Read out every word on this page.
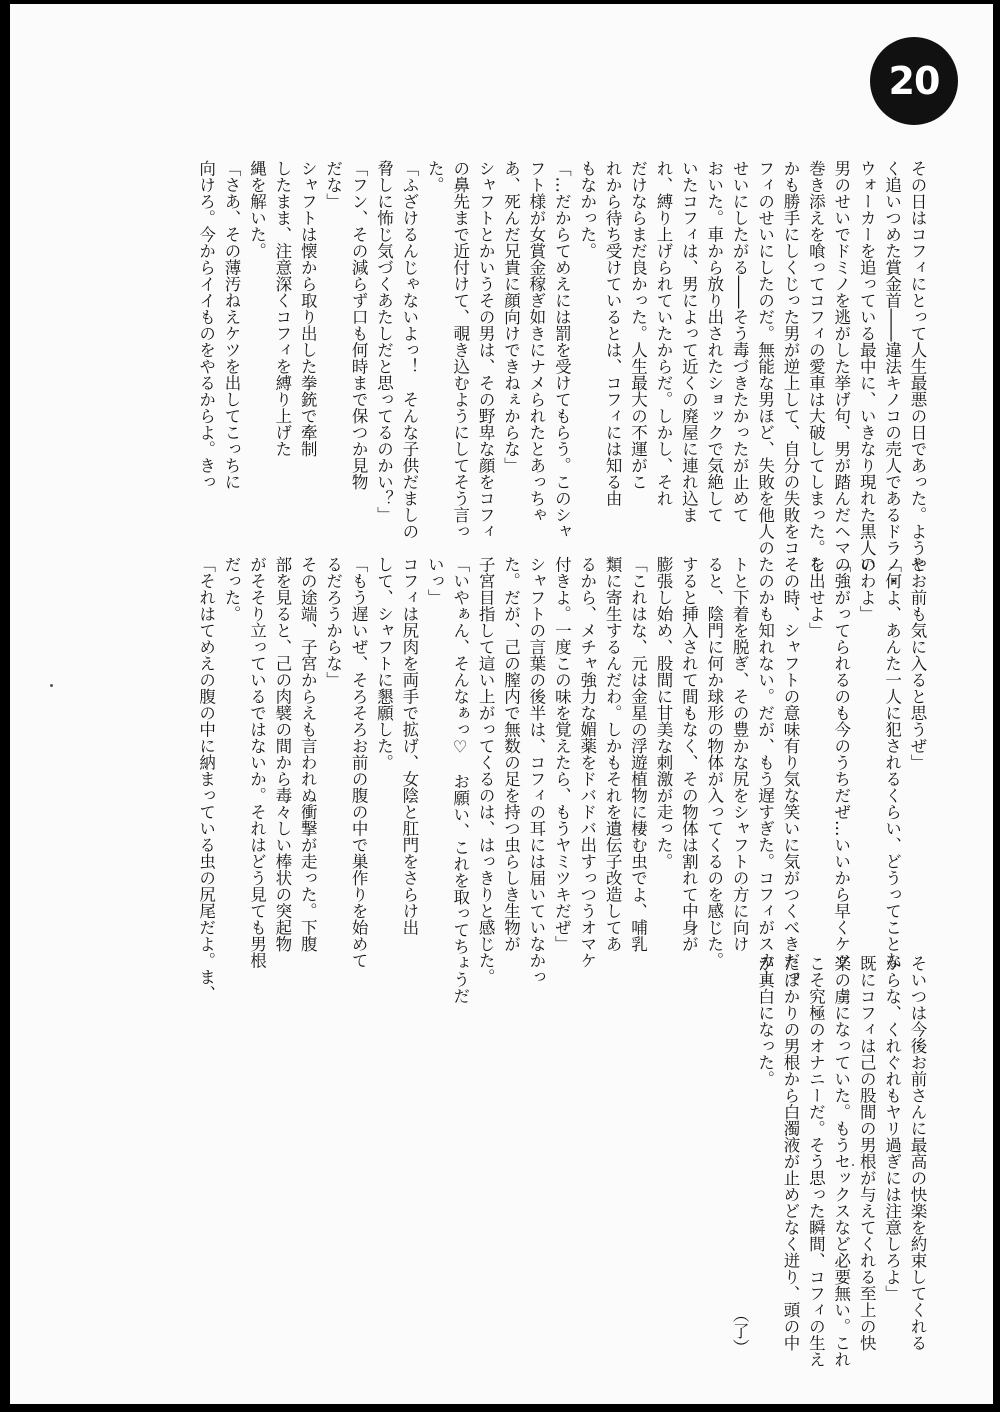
20
その日はコフィにとって人生最悪の日であった。ようや
く追いつめた賞金首――違法キノコの売人であるドラノ・
ウォーカーを追っている最中に、いきなり現れた黒人の
男のせいでドミノを逃がした挙げ句、男が踏んだヘマの
巻き添えを喰ってコフィの愛車は大破してしまった。し
かも勝手にしくじった男が逆上して、自分の失敗をコ
フィのせいにしたのだ。無能な男ほど、失敗を他人の
せいにしたがる――そう毒づきたかったが止めて
おいた。車から放り出されたショックで気絶して
いたコフィは、男によって近くの廃屋に連れ込ま
れ、縛り上げられていたからだ。しかし、それ
だけならまだ良かった。人生最大の不運がこ
れから待ち受けているとは、コフィには知る由
もなかった。
「…だからてめえには罰を受けてもらう。このシャ
フト様が女賞金稼ぎ如きにナメられたとあっちゃ
あ、死んだ兄貴に顔向けできねぇからな」
シャフトとかいうその男は、その野卑な顔をコフィ
の鼻先まで近付けて、覗き込むようにしてそう言っ
た。
「ふざけるんじゃないよっ！　そんな子供だましの
脅しに怖じ気づくあたしだと思ってるのかい？」
「フン、その減らず口も何時まで保つか見物
だな」
シャフトは懐から取り出した拳銃で牽制
したまま、注意深くコフィを縛り上げた
縄を解いた。
「さあ、その薄汚ねえケツを出してこっちに
向けろ。今からイイものをやるからよ。きっ
とお前も気に入ると思うぜ」
「何よ、あんた一人に犯されるくらい、どうってことな
いわよ」
「強がってられるのも今のうちだぜ…いいから早くケツ
を出せよ」
その時、シャフトの意味有り気な笑いに気がつくべきだっ
たのかも知れない。だが、もう遅すぎた。コフィがスカー
トと下着を脱ぎ、その豊かな尻をシャフトの方に向け
ると、陰門に何か球形の物体が入ってくるのを感じた。
すると挿入されて間もなく、その物体は割れて中身が
膨張し始め、股間に甘美な刺激が走った。
「これはな、元は金星の浮遊植物に棲む虫でよ、哺乳
類に寄生するんだわ。しかもそれを遺伝子改造してあ
るから、メチャ強力な媚薬をドバドバ出すっつうオマケ
付きよ。一度この味を覚えたら、もうヤミツキだぜ」
シャフトの言葉の後半は、コフィの耳には届いていなかっ
た。だが、己の膣内で無数の足を持つ虫らしき生物が
子宮目指して這い上がってくるのは、はっきりと感じた。
「いやぁん、そんなぁっ♡　お願い、これを取ってちょうだ
いっ」
コフィは尻肉を両手で拡げ、女陰と肛門をさらけ出
して、シャフトに懇願した。
「もう遅いぜ、そろそろお前の腹の中で巣作りを始めて
るだろうからな」
その途端、子宮からえも言われぬ衝撃が走った。下腹
部を見ると、己の肉襞の間から毒々しい棒状の突起物
がそそり立っているではないか。それはどう見ても男根
だった。
「それはてめえの腹の中に納まっている虫の尻尾だよ。ま、
そいつは今後お前さんに最高の快楽を約束してくれる
からな、くれぐれもヤリ過ぎには注意しろよ」
既にコフィは己の股間の男根が与えてくれる至上の快
楽の虜になっていた。もうセックスなど必要無い。これ
こそ究極のオナニーだ。そう思った瞬間、コフィの生え
たばかりの男根から白濁液が止めどなく迸り、頭の中
が真白になった。
（了）
